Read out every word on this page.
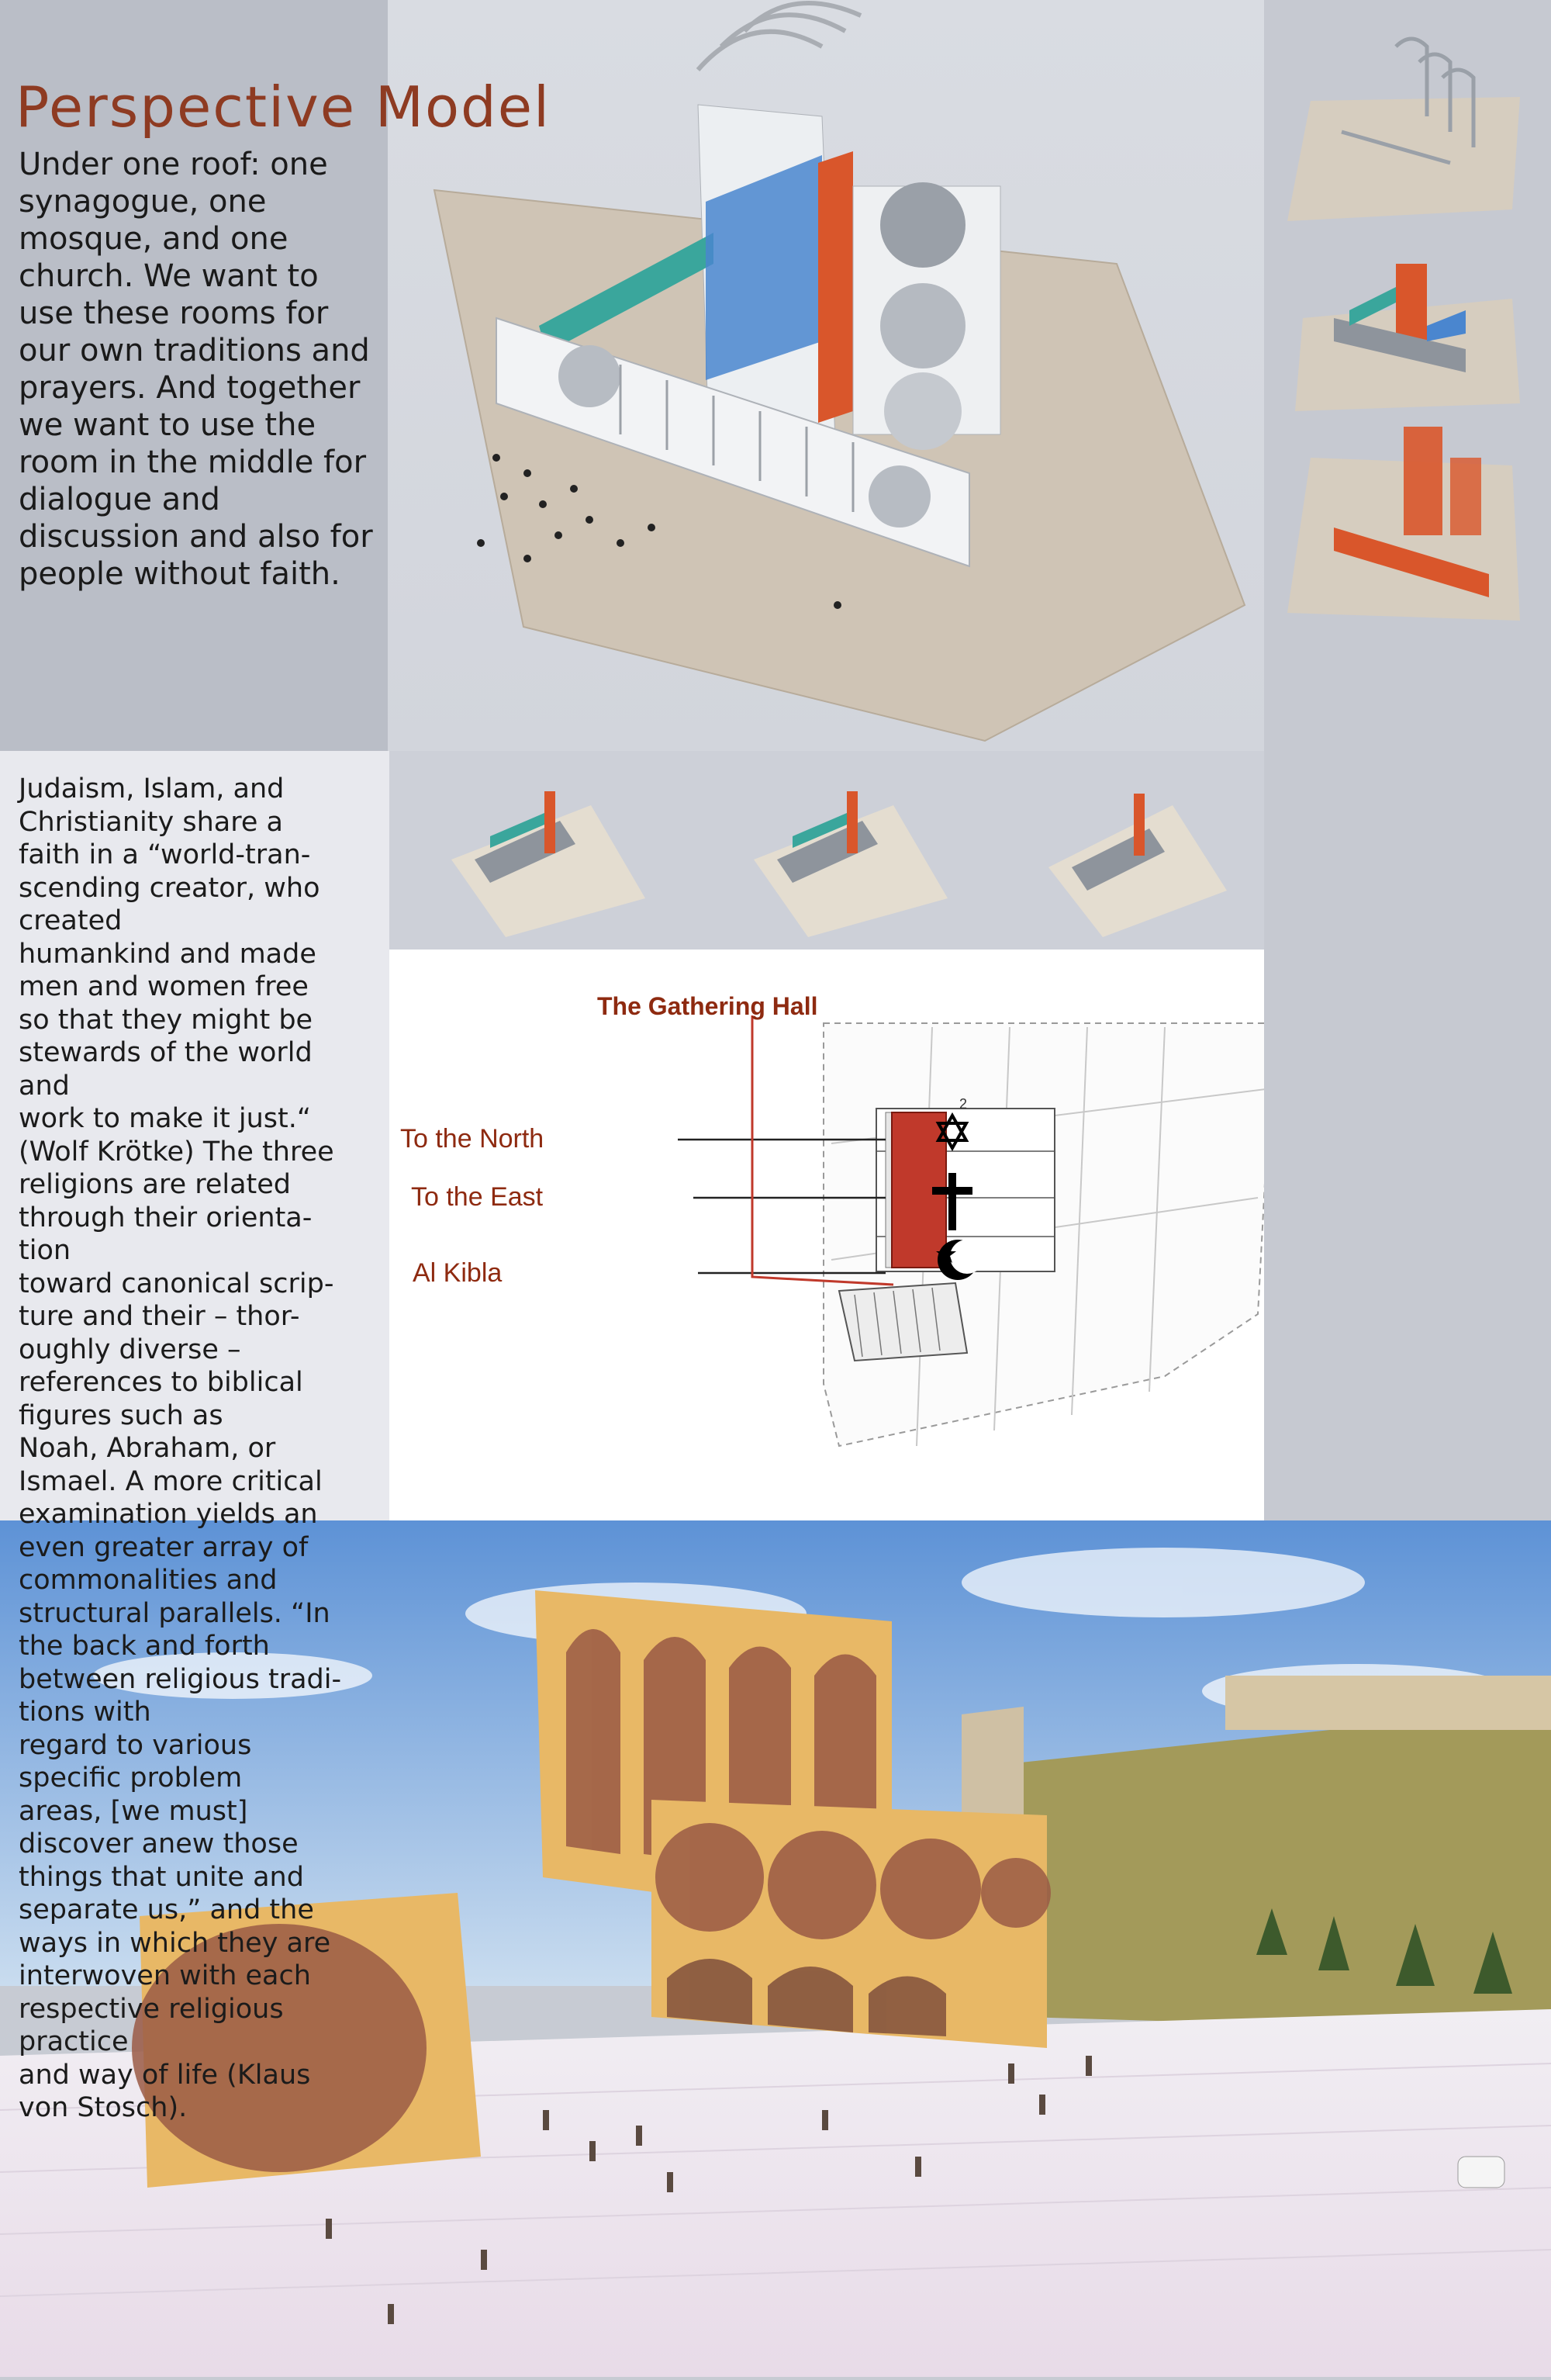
Perspective Model
Under one roof: one synagogue, one mosque, and one church. We want to use these rooms for our own traditions and prayers. And together we want to use the room in the middle for dialogue and discussion and also for people without faith.
2
The Gathering Hall
To the North
To the East
Al Kibla
Judaism, Islam, and
Christianity share a
faith in a “world-tran-
scending creator, who
created
humankind and made
men and women free
so that they might be
stewards of the world
and
work to make it just.“
(Wolf Krötke) The three
religions are related
through their orienta-
tion
toward canonical scrip-
ture and their – thor-
oughly diverse –
references to biblical
figures such as
Noah, Abraham, or
Ismael. A more critical
examination yields an
even greater array of
commonalities and
structural parallels. “In
the back and forth
between religious tradi-
tions with
regard to various
specific problem
areas, [we must]
discover anew those
things that unite and
separate us,” and the
ways in which they are
interwoven with each
respective religious
practice
and way of life (Klaus
von Stosch).
